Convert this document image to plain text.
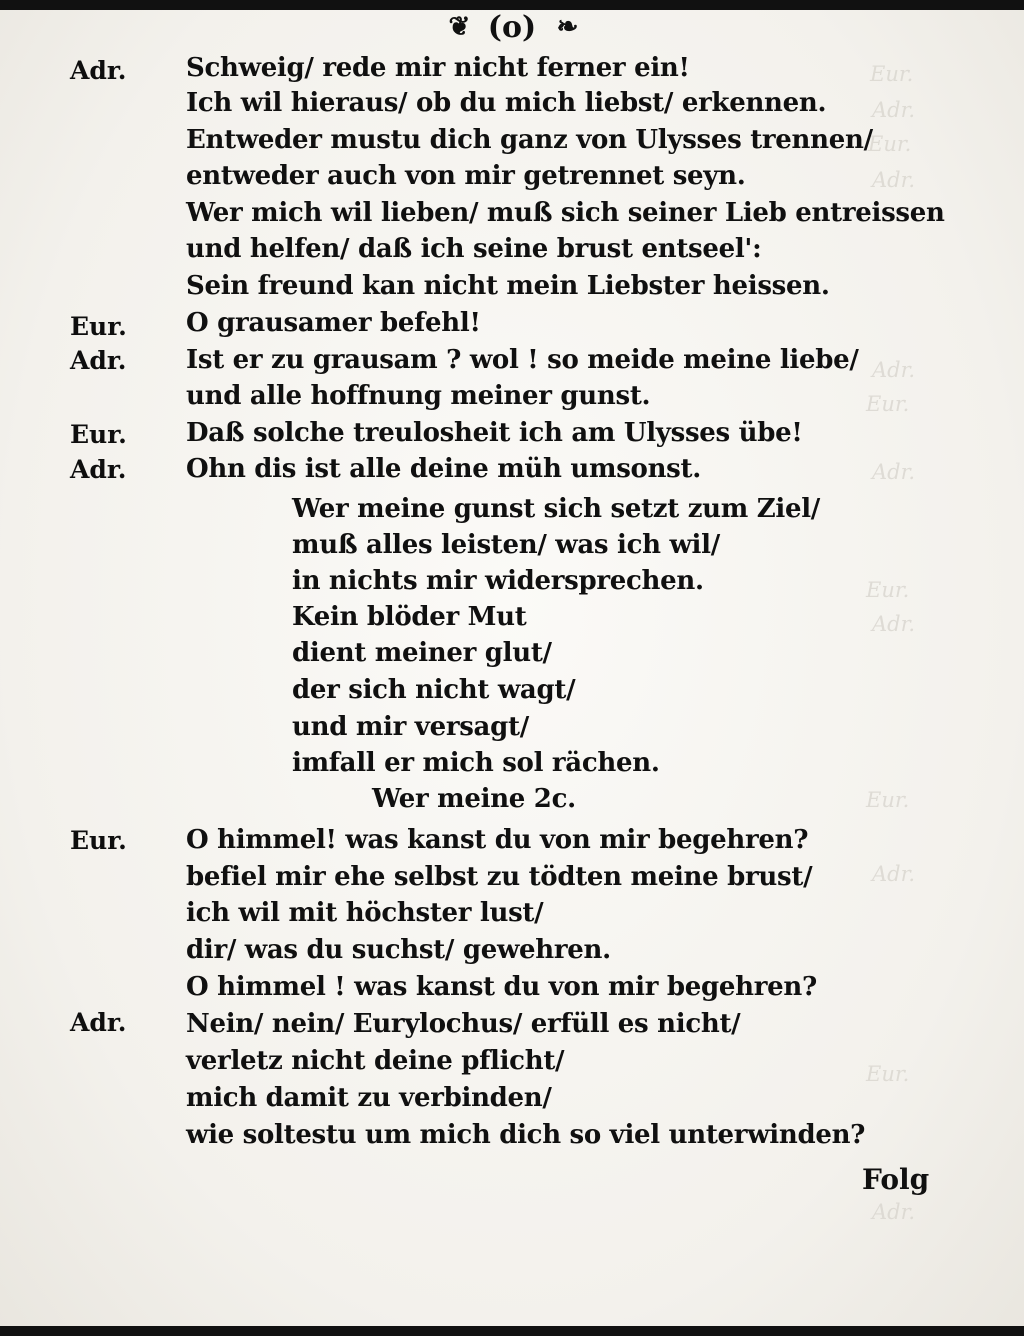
Eur.
Adr.
Eur.
Adr.
Adr.
Eur.
Adr.
Eur.
Adr.
Eur.
Adr.
Eur.
Adr.
❦ (o) ❧
Adr. Schweig/ rede mir nicht ferner ein!
Ich wil hieraus/ ob du mich liebst/ erkennen.
Entweder mustu dich ganz von Ulysses trennen/
entweder auch von mir getrennet seyn.
Wer mich wil lieben/ muß sich seiner Lieb entreissen
und helfen/ daß ich seine brust entseel':
Sein freund kan nicht mein Liebster heissen.
Eur. O grausamer befehl!
Adr. Ist er zu grausam ? wol ! so meide meine liebe/
und alle hoffnung meiner gunst.
Eur. Daß solche treulosheit ich am Ulysses übe!
Adr. Ohn dis ist alle deine müh umsonst.
Wer meine gunst sich setzt zum Ziel/
muß alles leisten/ was ich wil/
in nichts mir widersprechen.
Kein blöder Mut
dient meiner glut/
der sich nicht wagt/
und mir versagt/
imfall er mich sol rächen.
Wer meine 2c.
Eur. O himmel! was kanst du von mir begehren?
befiel mir ehe selbst zu tödten meine brust/
ich wil mit höchster lust/
dir/ was du suchst/ gewehren.
O himmel ! was kanst du von mir begehren?
Adr. Nein/ nein/ Eurylochus/ erfüll es nicht/
verletz nicht deine pflicht/
mich damit zu verbinden/
wie soltestu um mich dich so viel unterwinden?
Folg
